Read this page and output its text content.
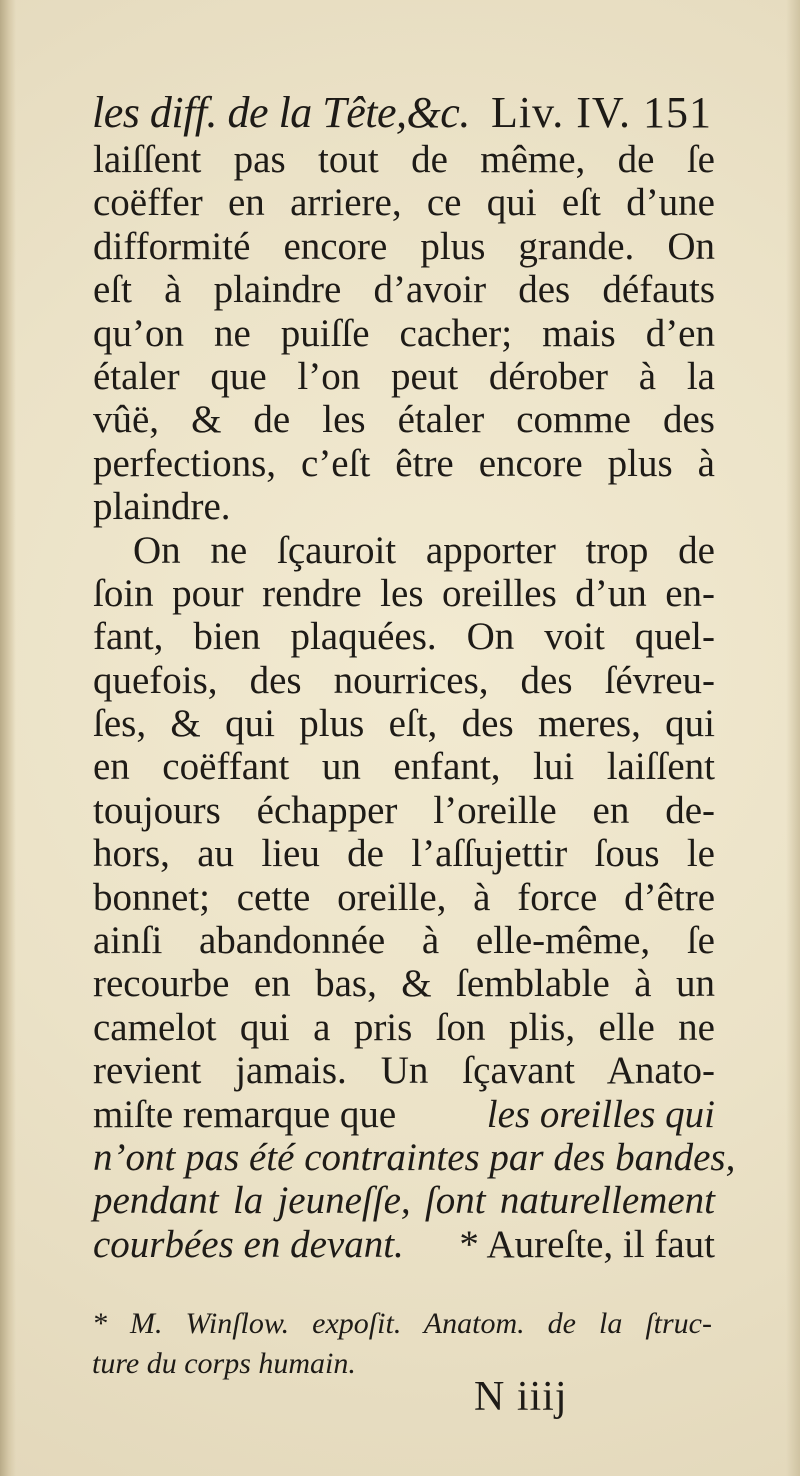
les diff. de la Tête,&c. Liv. IV. 151
laiſſent pas tout de même, de ſe
coëffer en arriere, ce qui eſt d’une
difformité encore plus grande. On
eſt à plaindre d’avoir des défauts
qu’on ne puiſſe cacher; mais d’en
étaler que l’on peut dérober à la
vûë, & de les étaler comme des
perfections, c’eſt être encore plus à
plaindre.
On ne ſçauroit apporter trop de
ſoin pour rendre les oreilles d’un en-
fant, bien plaquées. On voit quel-
quefois, des nourrices, des ſévreu-
ſes, & qui plus eſt, des meres, qui
en coëffant un enfant, lui laiſſent
toujours échapper l’oreille en de-
hors, au lieu de l’aſſujettir ſous le
bonnet; cette oreille, à force d’être
ainſi abandonnée à elle-même, ſe
recourbe en bas, & ſemblable à un
camelot qui a pris ſon plis, elle ne
revient jamais. Un ſçavant Anato-
miſte remarque que les oreilles qui
n’ont pas été contraintes par des bandes,
pendant la jeuneſſe, ſont naturellement
courbées en devant. * Aureſte, il faut
* M. Winſlow. expoſit. Anatom. de la ſtruc-
ture du corps humain.
N iiij
